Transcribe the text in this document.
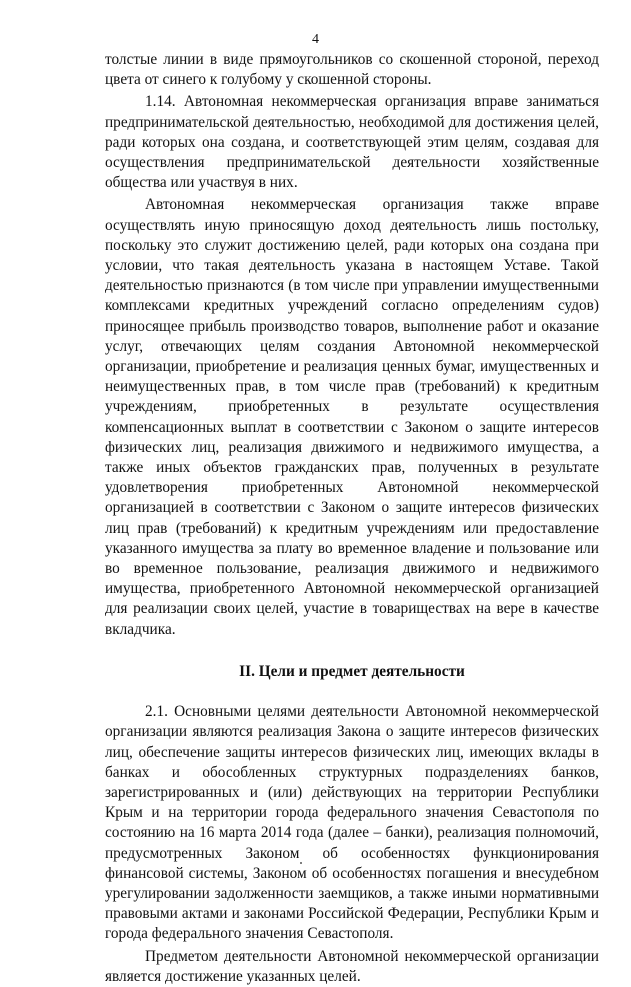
4

толстые линии в виде прямоугольников со скошенной стороной, переход цвета от синего к голубому у скошенной стороны.

1.14. Автономная некоммерческая организация вправе заниматься предпринимательской деятельностью, необходимой для достижения целей, ради которых она создана, и соответствующей этим целям, создавая для осуществления предпринимательской деятельности хозяйственные общества или участвуя в них.

Автономная некоммерческая организация также вправе осуществлять иную приносящую доход деятельность лишь постольку, поскольку это служит достижению целей, ради которых она создана при условии, что такая деятельность указана в настоящем Уставе. Такой деятельностью признаются (в том числе при управлении имущественными комплексами кредитных учреждений согласно определениям судов) приносящее прибыль производство товаров, выполнение работ и оказание услуг, отвечающих целям создания Автономной некоммерческой организации, приобретение и реализация ценных бумаг, имущественных и неимущественных прав, в том числе прав (требований) к кредитным учреждениям, приобретенных в результате осуществления компенсационных выплат в соответствии с Законом о защите интересов физических лиц, реализация движимого и недвижимого имущества, а также иных объектов гражданских прав, полученных в результате удовлетворения приобретенных Автономной некоммерческой организацией в соответствии с Законом о защите интересов физических лиц прав (требований) к кредитным учреждениям или предоставление указанного имущества за плату во временное владение и пользование или во временное пользование, реализация движимого и недвижимого имущества, приобретенного Автономной некоммерческой организацией для реализации своих целей, участие в товариществах на вере в качестве вкладчика.

II. Цели и предмет деятельности

2.1. Основными целями деятельности Автономной некоммерческой организации являются реализация Закона о защите интересов физических лиц, обеспечение защиты интересов физических лиц, имеющих вклады в банках и обособленных структурных подразделениях банков, зарегистрированных и (или) действующих на территории Республики Крым и на территории города федерального значения Севастополя по состоянию на 16 марта 2014 года (далее – банки), реализация полномочий, предусмотренных Законом об особенностях функционирования финансовой системы, Законом об особенностях погашения и внесудебном урегулировании задолженности заемщиков, а также иными нормативными правовыми актами и законами Российской Федерации, Республики Крым и города федерального значения Севастополя.

Предметом деятельности Автономной некоммерческой организации является достижение указанных целей.
